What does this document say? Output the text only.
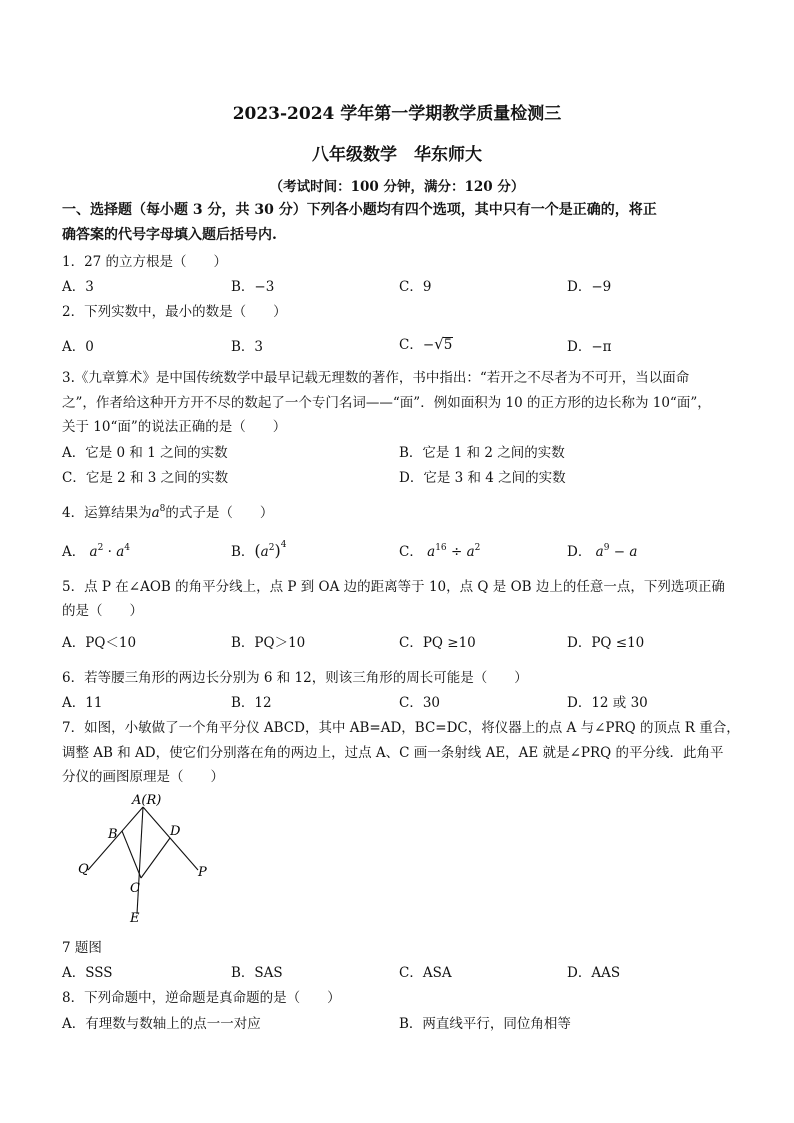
2023-2024 学年第一学期教学质量检测三
八年级数学　华东师大
（考试时间：100 分钟，满分：120 分）
一、选择题（每小题 3 分，共 30 分）下列各小题均有四个选项，其中只有一个是正确的，将正
确答案的代号字母填入题后括号内.
1．27 的立方根是（　　）
A．3	B．−3	C．9	D．−9
2．下列实数中，最小的数是（　　）
A．0	B．3	C．−√5	D．−π
3.《九章算术》是中国传统数学中最早记载无理数的著作，书中指出：“若开之不尽者为不可开，当以面命
之”，作者给这种开方开不尽的数起了一个专门名词——“面”．例如面积为 10 的正方形的边长称为 10“面”，
关于 10“面”的说法正确的是（　　）
A．它是 0 和 1 之间的实数	B．它是 1 和 2 之间的实数
C．它是 2 和 3 之间的实数	D．它是 3 和 4 之间的实数
4．运算结果为$a^8$的式子是（　　）
A． $a^2 \cdot a^4$	B．$(a^2)^4$	C． $a^{16} \div a^2$	D． $a^9 - a$
5．点 P 在∠AOB 的角平分线上，点 P 到 OA 边的距离等于 10，点 Q 是 OB 边上的任意一点，下列选项正确
的是（　　）
A．PQ＜10	B．PQ＞10	C．PQ ≥10	D．PQ ≤10
6．若等腰三角形的两边长分别为 6 和 12，则该三角形的周长可能是（　　）
A．11	B．12	C．30	D．12 或 30
7．如图，小敏做了一个角平分仪 ABCD，其中 AB=AD，BC=DC，将仪器上的点 A 与∠PRQ 的顶点 R 重合，
调整 AB 和 AD，使它们分别落在角的两边上，过点 A、C 画一条射线 AE，AE 就是∠PRQ 的平分线．此角平
分仪的画图原理是（　　）
A(R)
B	D
Q	P
C
E
7 题图
A．SSS	B．SAS	C．ASA	D．AAS
8．下列命题中，逆命题是真命题的是（　　）
A．有理数与数轴上的点一一对应	B．两直线平行，同位角相等
